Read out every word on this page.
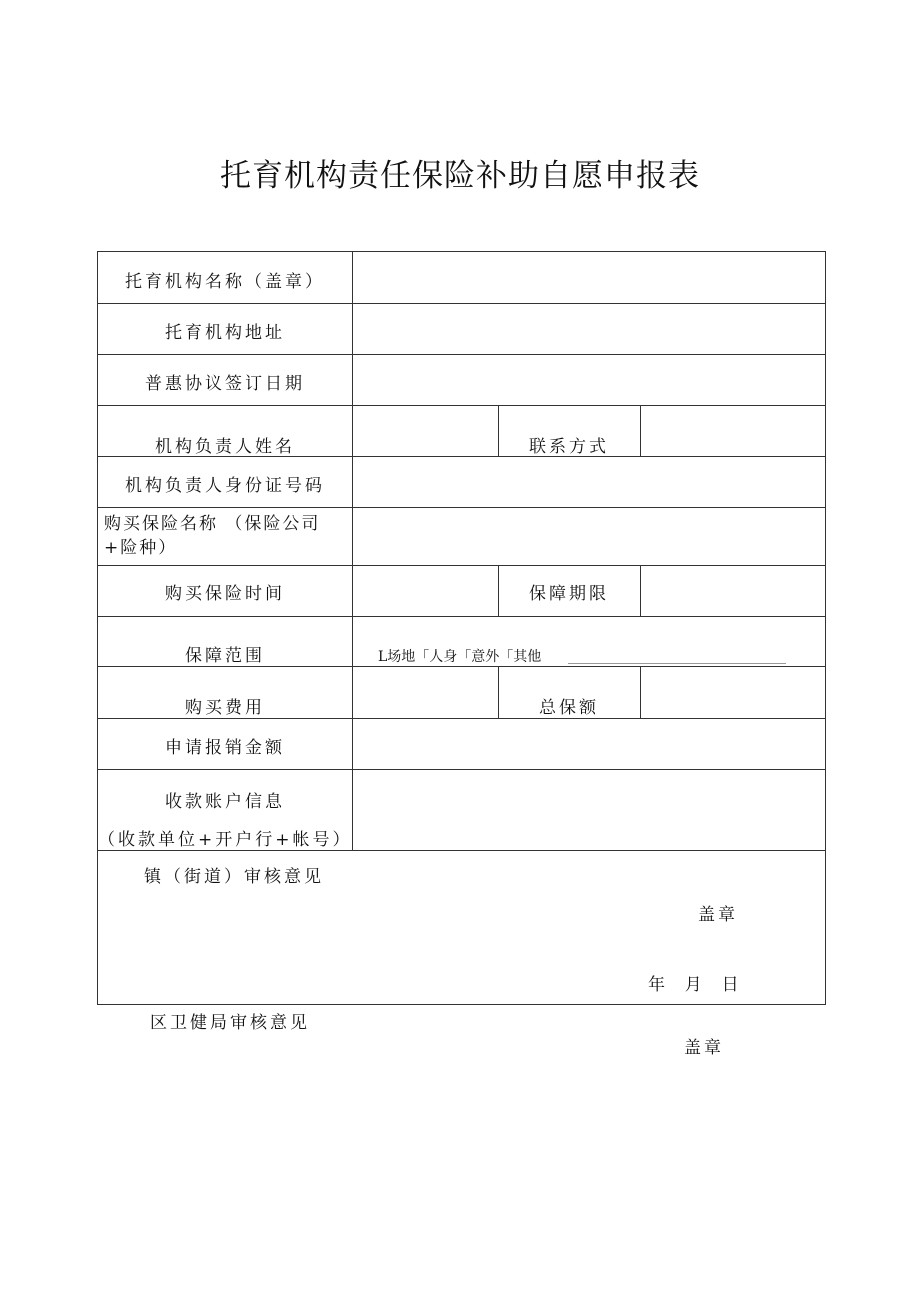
托育机构责任保险补助自愿申报表
托育机构名称（盖章）
托育机构地址
普惠协议签订日期
机构负责人姓名	联系方式
机构负责人身份证号码
购买保险名称 （保险公司+险种）
购买保险时间	保障期限
保障范围	L场地「人身「意外「其他
购买费用	总保额
申请报销金额
收款账户信息
（收款单位+开户行+帐号）
镇（街道）审核意见
盖章
年  月  日
区卫健局审核意见
盖章
